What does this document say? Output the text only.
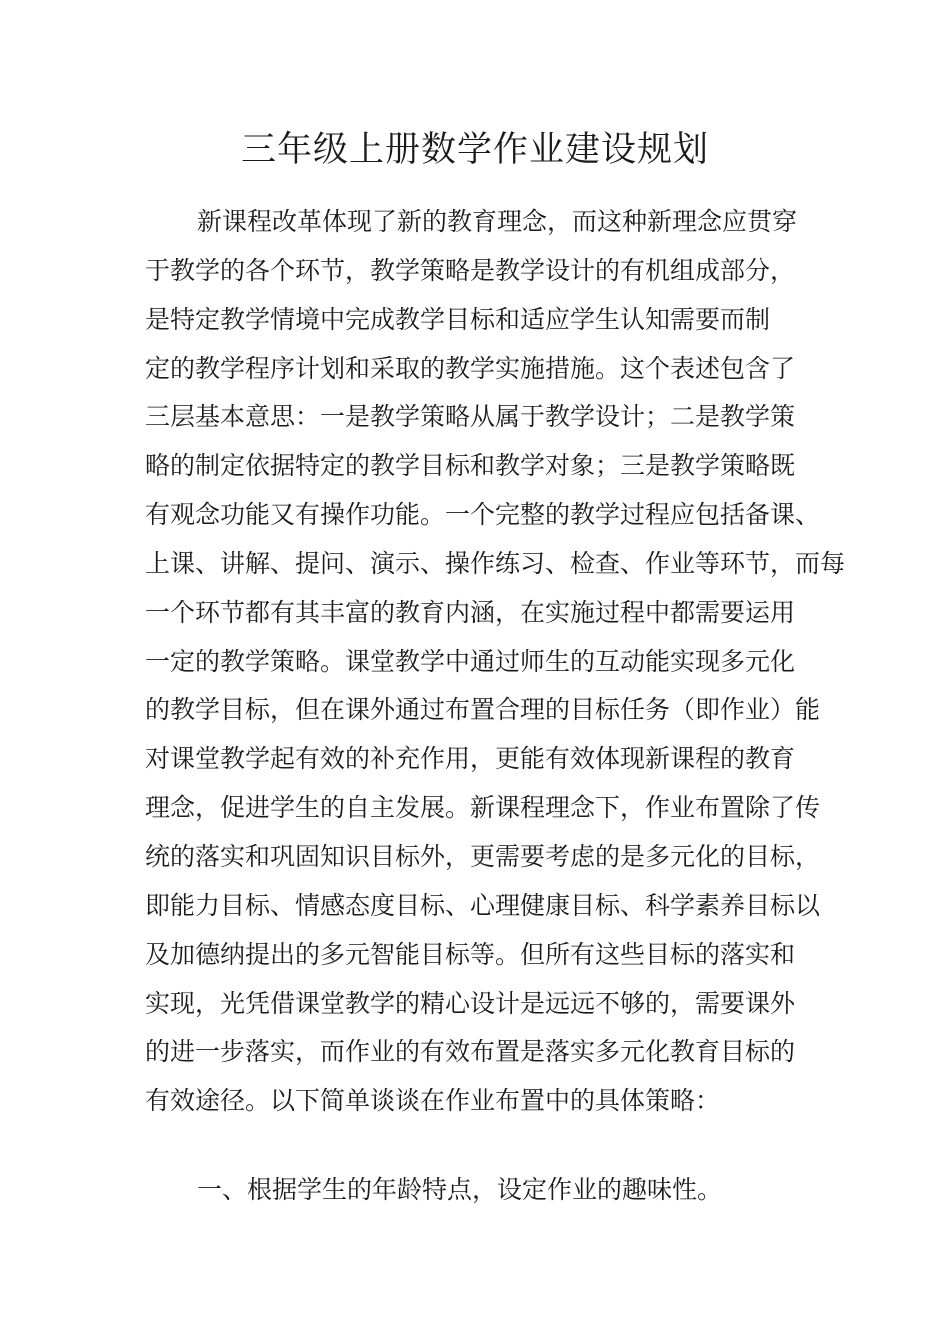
三年级上册数学作业建设规划
新课程改革体现了新的教育理念，而这种新理念应贯穿
于教学的各个环节，教学策略是教学设计的有机组成部分，
是特定教学情境中完成教学目标和适应学生认知需要而制
定的教学程序计划和采取的教学实施措施。这个表述包含了
三层基本意思：一是教学策略从属于教学设计；二是教学策
略的制定依据特定的教学目标和教学对象；三是教学策略既
有观念功能又有操作功能。一个完整的教学过程应包括备课、
上课、讲解、提问、演示、操作练习、检查、作业等环节，而每
一个环节都有其丰富的教育内涵，在实施过程中都需要运用
一定的教学策略。课堂教学中通过师生的互动能实现多元化
的教学目标，但在课外通过布置合理的目标任务（即作业）能
对课堂教学起有效的补充作用，更能有效体现新课程的教育
理念，促进学生的自主发展。新课程理念下，作业布置除了传
统的落实和巩固知识目标外，更需要考虑的是多元化的目标，
即能力目标、情感态度目标、心理健康目标、科学素养目标以
及加德纳提出的多元智能目标等。但所有这些目标的落实和
实现，光凭借课堂教学的精心设计是远远不够的，需要课外
的进一步落实，而作业的有效布置是落实多元化教育目标的
有效途径。以下简单谈谈在作业布置中的具体策略：
一、根据学生的年龄特点，设定作业的趣味性。
